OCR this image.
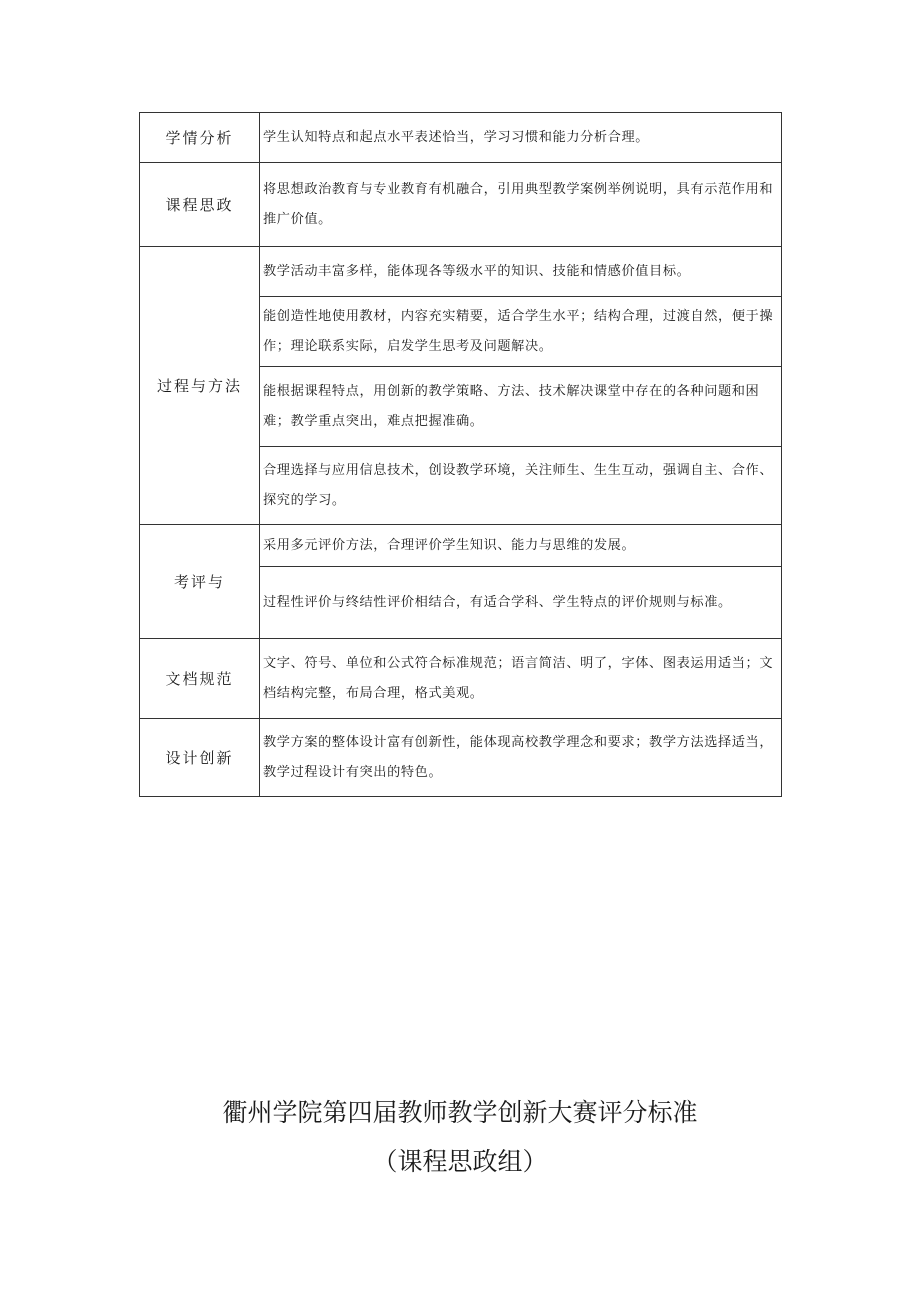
学情分析	学生认知特点和起点水平表述恰当，学习习惯和能力分析合理。
课程思政	将思想政治教育与专业教育有机融合，引用典型教学案例举例说明，具有示范作用和推广价值。
过程与方法	教学活动丰富多样，能体现各等级水平的知识、技能和情感价值目标。
	能创造性地使用教材，内容充实精要，适合学生水平；结构合理，过渡自然，便于操作；理论联系实际，启发学生思考及问题解决。
	能根据课程特点，用创新的教学策略、方法、技术解决课堂中存在的各种问题和困难；教学重点突出，难点把握准确。
	合理选择与应用信息技术，创设教学环境，关注师生、生生互动，强调自主、合作、探究的学习。
考评与	采用多元评价方法，合理评价学生知识、能力与思维的发展。
	过程性评价与终结性评价相结合，有适合学科、学生特点的评价规则与标准。
文档规范	文字、符号、单位和公式符合标准规范；语言简洁、明了，字体、图表运用适当；文档结构完整，布局合理，格式美观。
设计创新	教学方案的整体设计富有创新性，能体现高校教学理念和要求；教学方法选择适当，教学过程设计有突出的特色。
衢州学院第四届教师教学创新大赛评分标准
（课程思政组）
